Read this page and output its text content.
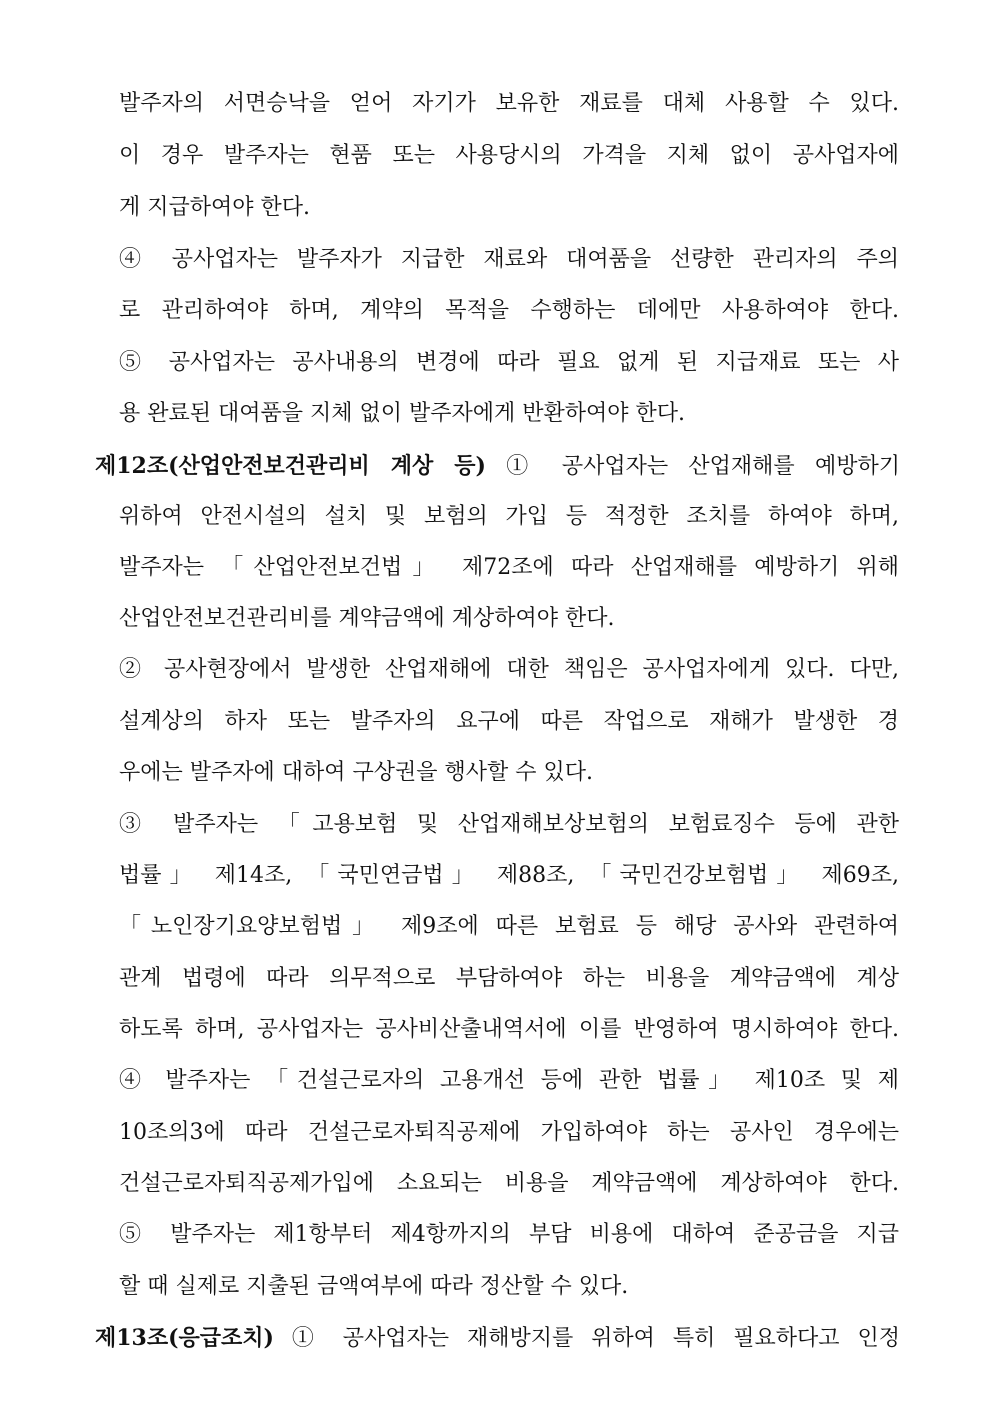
발주자의 서면승낙을 얻어 자기가 보유한 재료를 대체 사용할 수 있다.
이 경우 발주자는 현품 또는 사용당시의 가격을 지체 없이 공사업자에
게 지급하여야 한다.
④ 공사업자는 발주자가 지급한 재료와 대여품을 선량한 관리자의 주의
로 관리하여야 하며, 계약의 목적을 수행하는 데에만 사용하여야 한다.
⑤ 공사업자는 공사내용의 변경에 따라 필요 없게 된 지급재료 또는 사
용 완료된 대여품을 지체 없이 발주자에게 반환하여야 한다.
제12조(산업안전보건관리비 계상 등) ① 공사업자는 산업재해를 예방하기
위하여 안전시설의 설치 및 보험의 가입 등 적정한 조치를 하여야 하며,
발주자는 「산업안전보건법」 제72조에 따라 산업재해를 예방하기 위해
산업안전보건관리비를 계약금액에 계상하여야 한다.
② 공사현장에서 발생한 산업재해에 대한 책임은 공사업자에게 있다. 다만,
설계상의 하자 또는 발주자의 요구에 따른 작업으로 재해가 발생한 경
우에는 발주자에 대하여 구상권을 행사할 수 있다.
③ 발주자는 「고용보험 및 산업재해보상보험의 보험료징수 등에 관한
법률」 제14조, 「국민연금법」 제88조, 「국민건강보험법」 제69조,
「노인장기요양보험법」 제9조에 따른 보험료 등 해당 공사와 관련하여
관계 법령에 따라 의무적으로 부담하여야 하는 비용을 계약금액에 계상
하도록 하며, 공사업자는 공사비산출내역서에 이를 반영하여 명시하여야 한다.
④ 발주자는 「건설근로자의 고용개선 등에 관한 법률」 제10조 및 제
10조의3에 따라 건설근로자퇴직공제에 가입하여야 하는 공사인 경우에는
건설근로자퇴직공제가입에 소요되는 비용을 계약금액에 계상하여야 한다.
⑤ 발주자는 제1항부터 제4항까지의 부담 비용에 대하여 준공금을 지급
할 때 실제로 지출된 금액여부에 따라 정산할 수 있다.
제13조(응급조치) ① 공사업자는 재해방지를 위하여 특히 필요하다고 인정
